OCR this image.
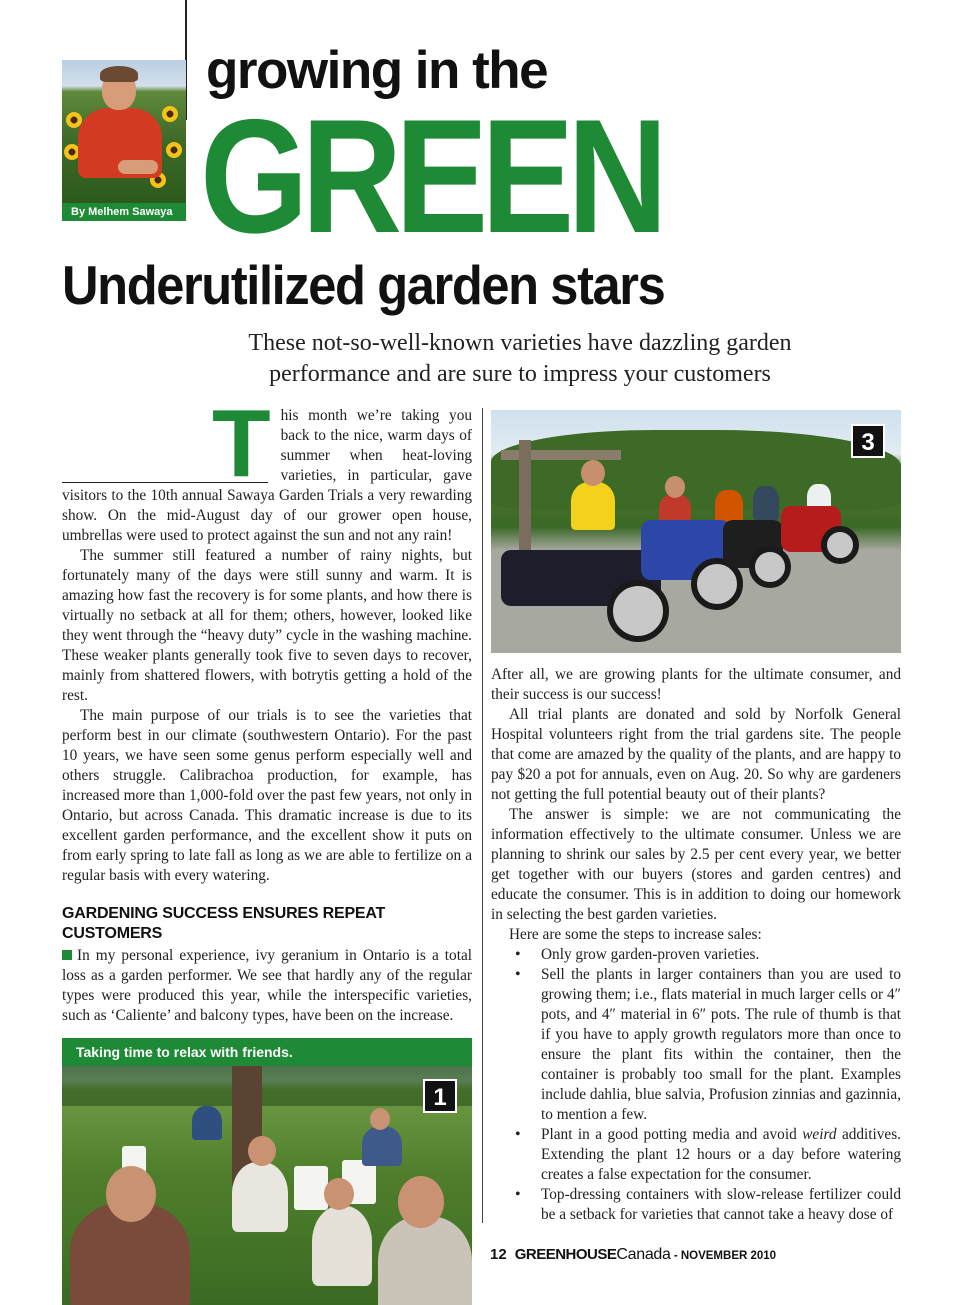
By Melhem Sawaya
growing in the
GREEN
Underutilized garden stars
These not-so-well-known varieties have dazzling garden performance and are sure to impress your customers

This month we’re taking you back to the nice, warm days of summer when heat-loving varieties, in particular, gave visitors to the 10th annual Sawaya Garden Trials a very rewarding show. On the mid-August day of our grower open house, umbrellas were used to protect against the sun and not any rain!

The summer still featured a number of rainy nights, but fortunately many of the days were still sunny and warm. It is amazing how fast the recovery is for some plants, and how there is virtually no setback at all for them; others, however, looked like they went through the “heavy duty” cycle in the washing machine. These weaker plants generally took five to seven days to recover, mainly from shattered flowers, with botrytis getting a hold of the rest.

The main purpose of our trials is to see the varieties that perform best in our climate (southwestern Ontario). For the past 10 years, we have seen some genus perform especially well and others struggle. Calibrachoa production, for example, has increased more than 1,000-fold over the past few years, not only in Ontario, but across Canada. This dramatic increase is due to its excellent garden performance, and the excellent show it puts on from early spring to late fall as long as we are able to fertilize on a regular basis with every watering.

GARDENING SUCCESS ENSURES REPEAT CUSTOMERS

In my personal experience, ivy geranium in Ontario is a total loss as a garden performer. We see that hardly any of the regular types were produced this year, while the interspecific varieties, such as ‘Caliente’ and balcony types, have been on the increase.

Taking time to relax with friends.
1
3

After all, we are growing plants for the ultimate consumer, and their success is our success!

All trial plants are donated and sold by Norfolk General Hospital volunteers right from the trial gardens site. The people that come are amazed by the quality of the plants, and are happy to pay $20 a pot for annuals, even on Aug. 20. So why are gardeners not getting the full potential beauty out of their plants?

The answer is simple: we are not communicating the information effectively to the ultimate consumer. Unless we are planning to shrink our sales by 2.5 per cent every year, we better get together with our buyers (stores and garden centres) and educate the consumer. This is in addition to doing our homework in selecting the best garden varieties.

Here are some the steps to increase sales:

• Only grow garden-proven varieties.
• Sell the plants in larger containers than you are used to growing them; i.e., flats material in much larger cells or 4″ pots, and 4″ material in 6″ pots. The rule of thumb is that if you have to apply growth regulators more than once to ensure the plant fits within the container, then the container is probably too small for the plant. Examples include dahlia, blue salvia, Profusion zinnias and gazinnia, to mention a few.
• Plant in a good potting media and avoid weird additives. Extending the plant 12 hours or a day before watering creates a false expectation for the consumer.
• Top-dressing containers with slow-release fertilizer could be a setback for varieties that cannot take a heavy dose of
12 GREENHOUSECanada - NOVEMBER 2010
